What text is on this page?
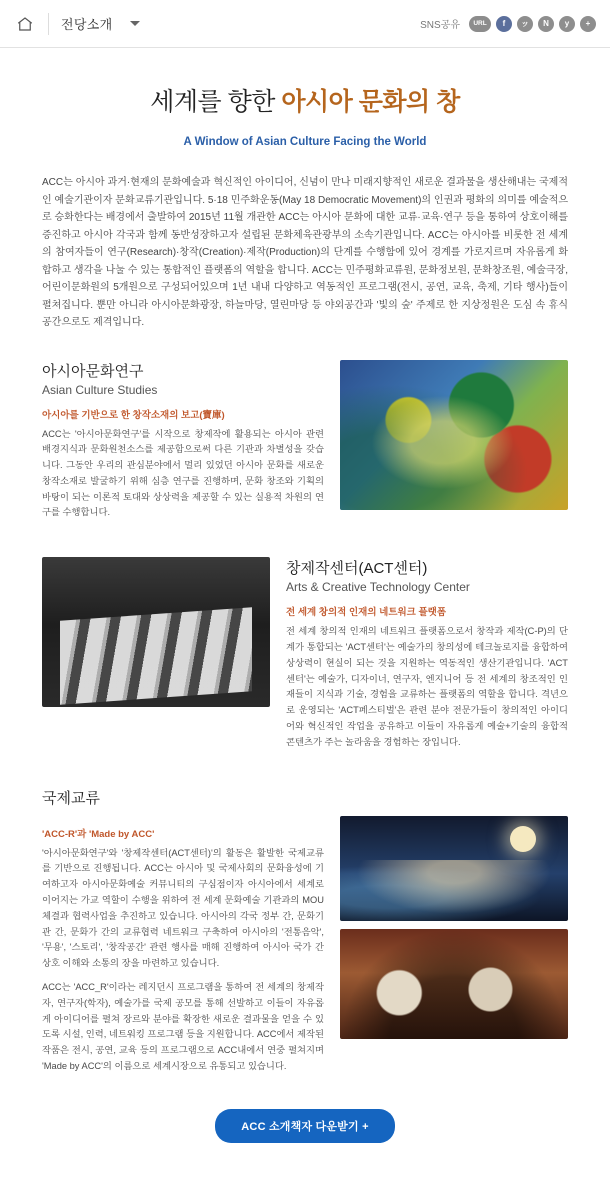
전당소개	SNS공유	URL	f	ッ	N	y	+
세계를 향한 아시아 문화의 창

A Window of Asian Culture Facing the World

ACC는 아시아 과거·현재의 문화예술과 혁신적인 아이디어, 신념이 만나 미래지향적인 새로운 결과물을 생산해내는 국제적인 예술기관이자 문화교류기관입니다. 5·18 민주화운동(May 18 Democratic Movement)의 인권과 평화의 의미를 예술적으로 승화한다는 배경에서 출발하여 2015년 11월 개관한 ACC는 아시아 문화에 대한 교류·교육·연구 등을 통하여 상호이해를 증진하고 아시아 각국과 함께 동반성장하고자 설립된 문화체육관광부의 소속기관입니다. ACC는 아시아를 비롯한 전 세계의 참여자들이 연구(Research)·창작(Creation)·제작(Production)의 단계를 수행함에 있어 경계를 가로지르며 자유롭게 화합하고 생각을 나눌 수 있는 통합적인 플랫폼의 역할을 합니다. ACC는 민주평화교류원, 문화정보원, 문화창조원, 예술극장, 어린이문화원의 5개원으로 구성되어있으며 1년 내내 다양하고 역동적인 프로그램(전시, 공연, 교육, 축제, 기타 행사)들이 펼쳐집니다. 뿐만 아니라 아시아문화광장, 하늘마당, 열린마당 등 야외공간과 '빛의 숲' 주제로 한 지상정원은 도심 속 휴식 공간으로도 제격입니다.

아시아문화연구
Asian Culture Studies

아시아를 기반으로 한 창작소재의 보고(寶庫)

ACC는 '아시아문화연구'를 시작으로 창제작에 활용되는 아시아 관련 배경지식과 문화원천소스를 제공함으로써 다른 기관과 차별성을 갖습니다. 그동안 우리의 관심분야에서 멀리 있었던 아시아 문화를 새로운 창작소재로 발굴하기 위해 심층 연구를 진행하며, 문화 창조와 기획의 바탕이 되는 이론적 토대와 상상력을 제공할 수 있는 실용적 차원의 연구를 수행합니다.

창제작센터(ACT센터)
Arts & Creative Technology Center

전 세계 창의적 인재의 네트워크 플랫폼

전 세계 창의적 인재의 네트워크 플랫폼으로서 창작과 제작(C-P)의 단계가 통합되는 'ACT센터'는 예술가의 창의성에 테크놀로지를 융합하여 상상력이 현실이 되는 것을 지원하는 역동적인 생산기관입니다. 'ACT센터'는 예술가, 디자이너, 연구자, 엔지니어 등 전 세계의 창조적인 인재들이 지식과 기술, 경험을 교류하는 플랫폼의 역할을 합니다. 격년으로 운영되는 'ACT페스티벌'은 관련 분야 전문가들이 창의적인 아이디어와 혁신적인 작업을 공유하고 이들이 자유롭게 예술+기술의 융합적 콘텐츠가 주는 놀라움을 경험하는 장입니다.

국제교류

'ACC-R'과 'Made by ACC'

'아시아문화연구'와 '창제작센터(ACT센터)'의 활동은 활발한 국제교류를 기반으로 진행됩니다. ACC는 아시아 및 국제사회의 문화융성에 기여하고자 아시아문화예술 커뮤니티의 구심점이자 아시아에서 세계로 이어지는 가교 역할이 수행을 위하여 전 세계 문화예술 기관과의 MOU 체결과 협력사업을 추진하고 있습니다. 아시아의 각국 정부 간, 문화기관 간, 문화가 간의 교류협력 네트워크 구축하여 아시아의 '전통음악', '무용', '스토리', '창작공간' 관련 행사를 매해 진행하여 아시아 국가 간 상호 이해와 소통의 장을 마련하고 있습니다.

ACC는 'ACC_R'이라는 레지던시 프로그램을 통하여 전 세계의 창제작자, 연구자(학자), 예술가를 국제 공모를 통해 선발하고 이들이 자유롭게 아이디어를 펼쳐 장르와 분야를 확장한 새로운 결과물을 얻을 수 있도록 시설, 인력, 네트워킹 프로그램 등을 지원합니다. ACC에서 제작된 작품은 전시, 공연, 교육 등의 프로그램으로 ACC내에서 연중 펼쳐지며 'Made by ACC'의 이름으로 세계시장으로 유통되고 있습니다.

ACC 소개책자 다운받기 +
